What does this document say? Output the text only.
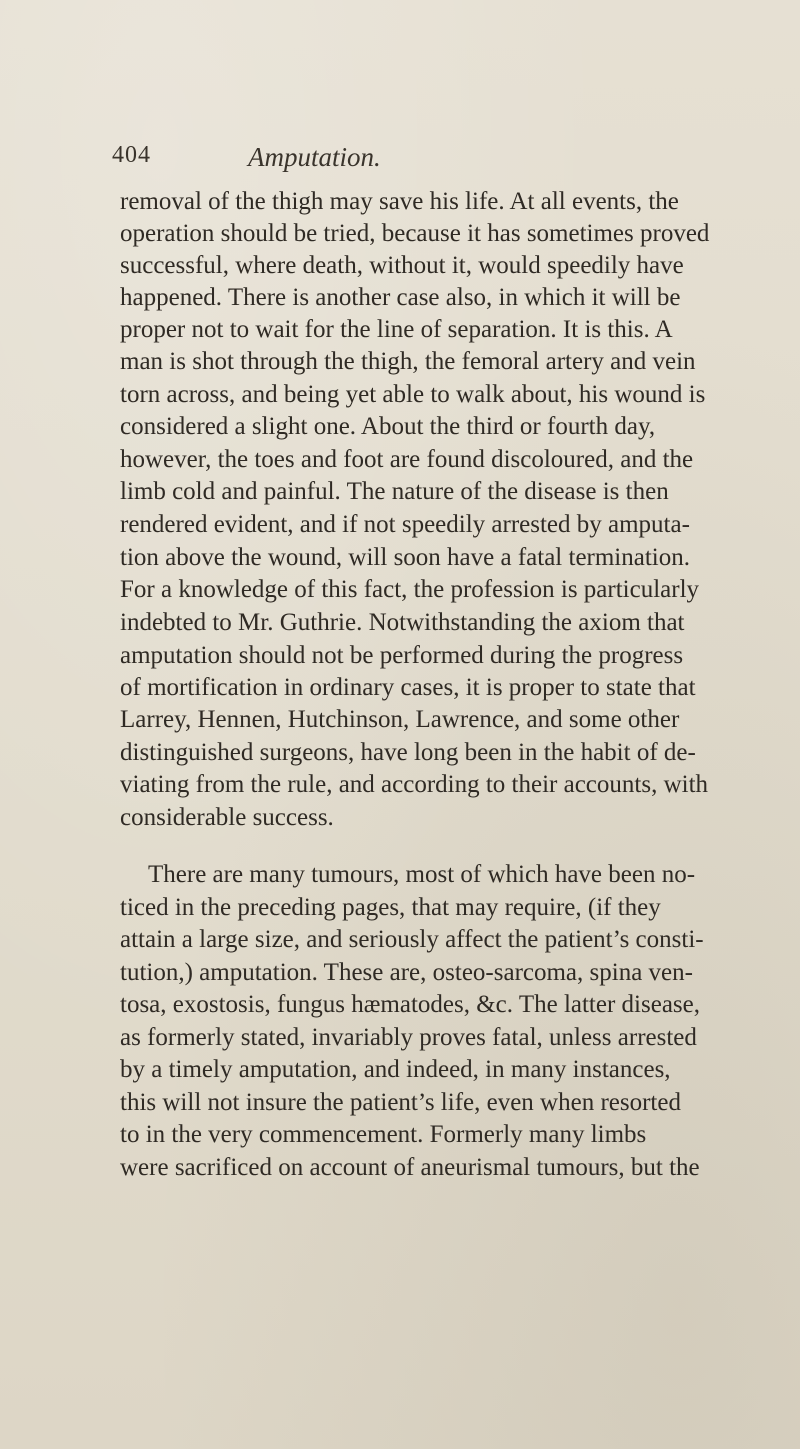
404	Amputation.
removal of the thigh may save his life. At all events, the
operation should be tried, because it has sometimes proved
successful, where death, without it, would speedily have
happened. There is another case also, in which it will be
proper not to wait for the line of separation. It is this. A
man is shot through the thigh, the femoral artery and vein
torn across, and being yet able to walk about, his wound is
considered a slight one. About the third or fourth day,
however, the toes and foot are found discoloured, and the
limb cold and painful. The nature of the disease is then
rendered evident, and if not speedily arrested by amputa-
tion above the wound, will soon have a fatal termination.
For a knowledge of this fact, the profession is particularly
indebted to Mr. Guthrie. Notwithstanding the axiom that
amputation should not be performed during the progress
of mortification in ordinary cases, it is proper to state that
Larrey, Hennen, Hutchinson, Lawrence, and some other
distinguished surgeons, have long been in the habit of de-
viating from the rule, and according to their accounts, with
considerable success.
There are many tumours, most of which have been no-
ticed in the preceding pages, that may require, (if they
attain a large size, and seriously affect the patient’s consti-
tution,) amputation. These are, osteo-sarcoma, spina ven-
tosa, exostosis, fungus hæmatodes, &c. The latter disease,
as formerly stated, invariably proves fatal, unless arrested
by a timely amputation, and indeed, in many instances,
this will not insure the patient’s life, even when resorted
to in the very commencement. Formerly many limbs
were sacrificed on account of aneurismal tumours, but the
